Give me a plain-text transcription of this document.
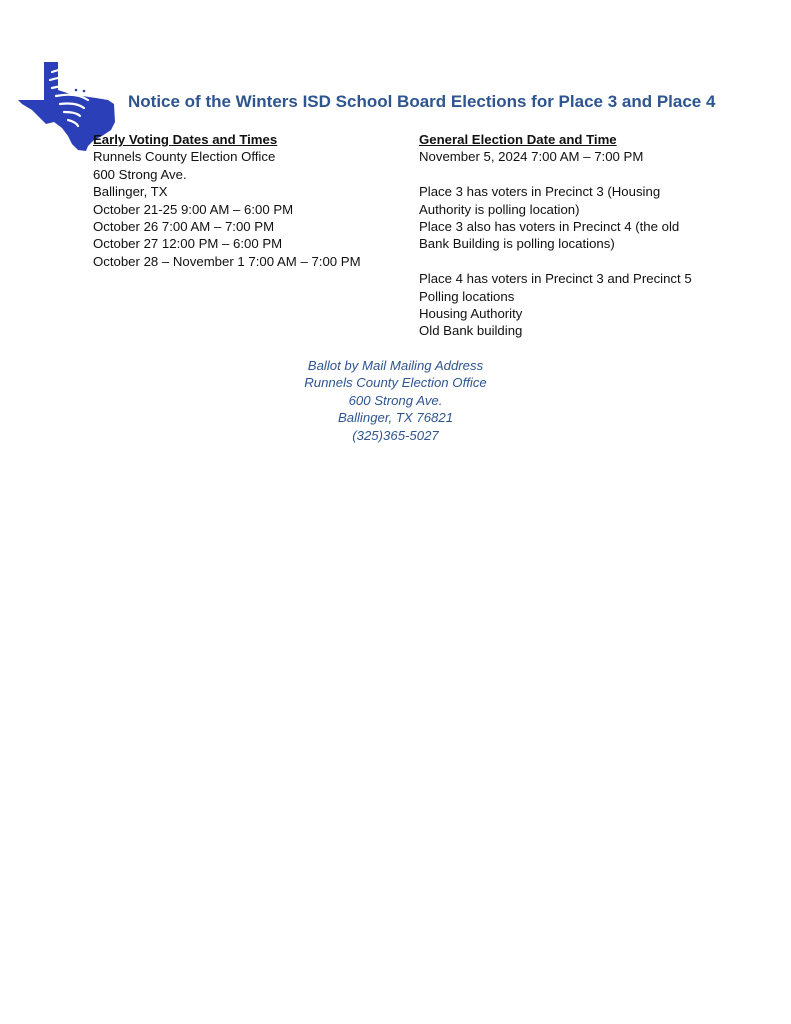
Notice of the Winters ISD School Board Elections for Place 3 and Place 4
Early Voting Dates and Times
Runnels County Election Office
600 Strong Ave.
Ballinger, TX
October 21-25 9:00 AM – 6:00 PM
October 26 7:00 AM – 7:00 PM
October 27 12:00 PM – 6:00 PM
October 28 – November 1 7:00 AM – 7:00 PM
General Election Date and Time
November 5, 2024 7:00 AM – 7:00 PM
Place 3 has voters in Precinct 3 (Housing
Authority is polling location)
Place 3 also has voters in Precinct 4 (the old
Bank Building is polling locations)
Place 4 has voters in Precinct 3 and Precinct 5
Polling locations
Housing Authority
Old Bank building
Ballot by Mail Mailing Address
Runnels County Election Office
600 Strong Ave.
Ballinger, TX 76821
(325)365-5027
